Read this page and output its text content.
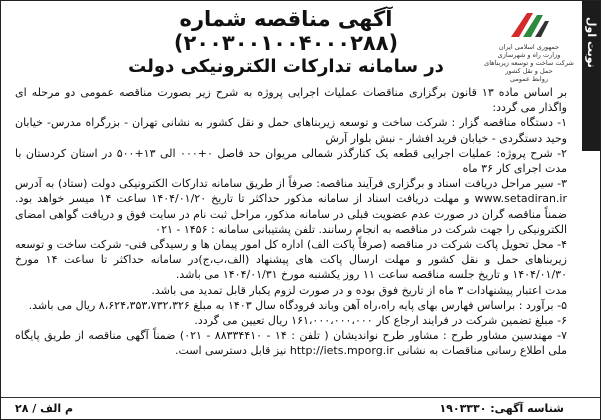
آگهی مناقصه شماره (۲۰۰۳۰۰۱۰۰۴۰۰۰۲۸۸)
در سامانه تدارکات الکترونیکی دولت
جمهوری اسلامی ایران
وزارت راه و شهرسازی
شرکت ساخت و توسعه زیربناهای حمل و نقل کشور
روابط عمومی
نوبت اول

بر اساس ماده ۱۳ قانون برگزاری مناقصات عملیات اجرایی پروژه به شرح زیر بصورت مناقصه عمومی دو مرحله ای واگذار می گردد:

۱- دستگاه مناقصه گزار : شرکت ساخت و توسعه زیربناهای حمل و نقل کشور به نشانی تهران - بزرگراه مدرس- خیابان وحید دستگردی - خیابان فرید افشار - نبش بلوار آرش

۲- شرح پروژه: عملیات اجرایی قطعه یک کنارگذر شمالی مریوان حد فاصل ۰+۰۰۰ الی ۱۳+۵۰۰ در استان کردستان با مدت اجرای کار ۳۶ ماه

۳- سیر مراحل دریافت اسناد و برگزاری فرآیند مناقصه: صرفاً از طریق سامانه تدارکات الکترونیکی دولت (ستاد) به آدرس www.setadiran.ir و مهلت دریافت اسناد از سامانه مذکور حداکثر تا تاریخ ۱۴۰۴/۰۱/۲۰ ساعت ۱۴ میسر خواهد بود. ضمناً مناقصه گران در صورت عدم عضویت قبلی در سامانه مذکور، مراحل ثبت نام در سایت فوق و دریافت گواهی امضای الکترونیکی را جهت شرکت در مناقصه به انجام رسانند. تلفن پشتیبانی سامانه : ۱۴۵۶ - ۰۲۱

۴- محل تحویل پاکت شرکت در مناقصه (صرفاً پاکت الف) اداره کل امور پیمان ها و رسیدگی فنی- شرکت ساخت و توسعه زیربناهای حمل و نقل کشور و مهلت ارسال پاکت های پیشنهاد (الف،ب،ج)در سامانه حداکثر تا ساعت ۱۴ مورخ ۱۴۰۴/۰۱/۳۰ و تاریخ جلسه مناقصه ساعت ۱۱ روز یکشنبه مورخ ۱۴۰۴/۰۱/۳۱ می باشد.

مدت اعتبار پیشنهادات ۳ ماه از تاریخ فوق بوده و در صورت لزوم یکبار قابل تمدید می باشد.

۵- برآورد : براساس فهارس بهای پایه راه،راه آهن وباند فرودگاه سال ۱۴۰۳ به مبلغ ۸،۶۲۴،۳۵۳،۷۳۲،۳۲۶ ریال می باشد.

۶- مبلغ تضمین شرکت در فرایند ارجاع کار ۱۶۱،۰۰۰،۰۰۰،۰۰۰ ریال تعیین می گردد.

۷- مهندسین مشاور طرح : مشاور طرح نواندیشان ( تلفن : ۱۴ - ۸۸۳۳۴۴۱۰ - ۰۲۱) ضمناً آگهی مناقصه از طریق پایگاه ملی اطلاع رسانی مناقصات به نشانی http://iets.mporg.ir نیز قابل دسترسی است.

شناسه آگهی: ۱۹۰۳۳۳۰
م الف / ۲۸
